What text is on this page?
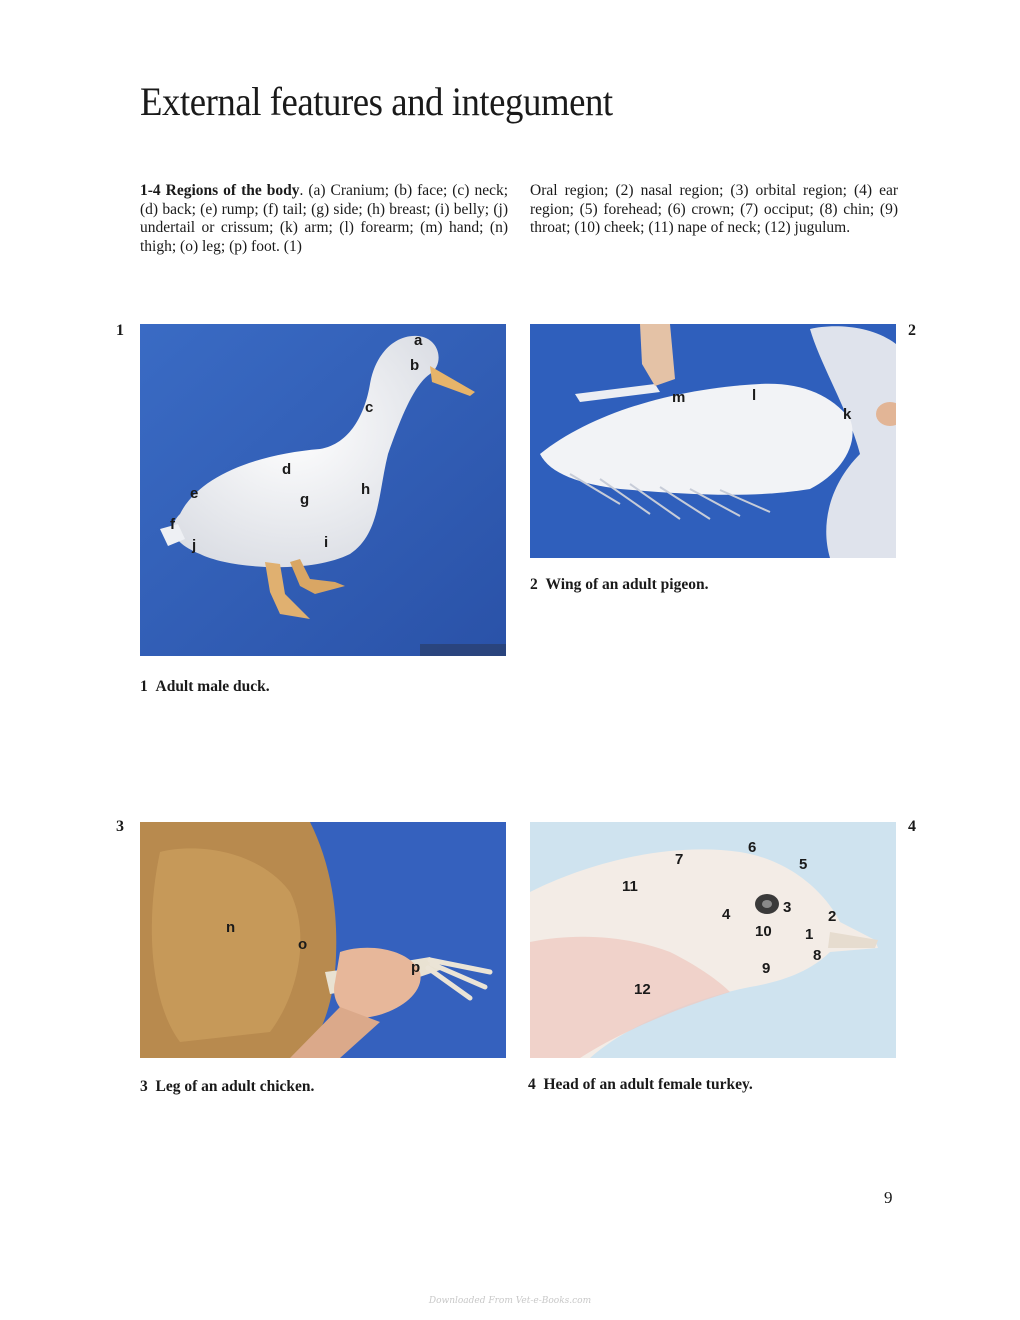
External features and integument
1-4 Regions of the body. (a) Cranium; (b) face; (c) neck; (d) back; (e) rump; (f) tail; (g) side; (h) breast; (i) belly; (j) undertail or crissum; (k) arm; (l) forearm; (m) hand; (n) thigh; (o) leg; (p) foot. (1)
Oral region; (2) nasal region; (3) orbital region; (4) ear region; (5) forehead; (6) crown; (7) occiput; (8) chin; (9) throat; (10) cheek; (11) nape of neck; (12) jugulum.
1
a
b
c
d
e
f
g
h
i
j
1 Adult male duck.
2
m	l
k
2 Wing of an adult pigeon.
3
n
o
p
3 Leg of an adult chicken.
4
7
6
5
11
4	3
2
10 1
8
9
12
4 Head of an adult female turkey.
9
Downloaded From Vet-e-Books.com
